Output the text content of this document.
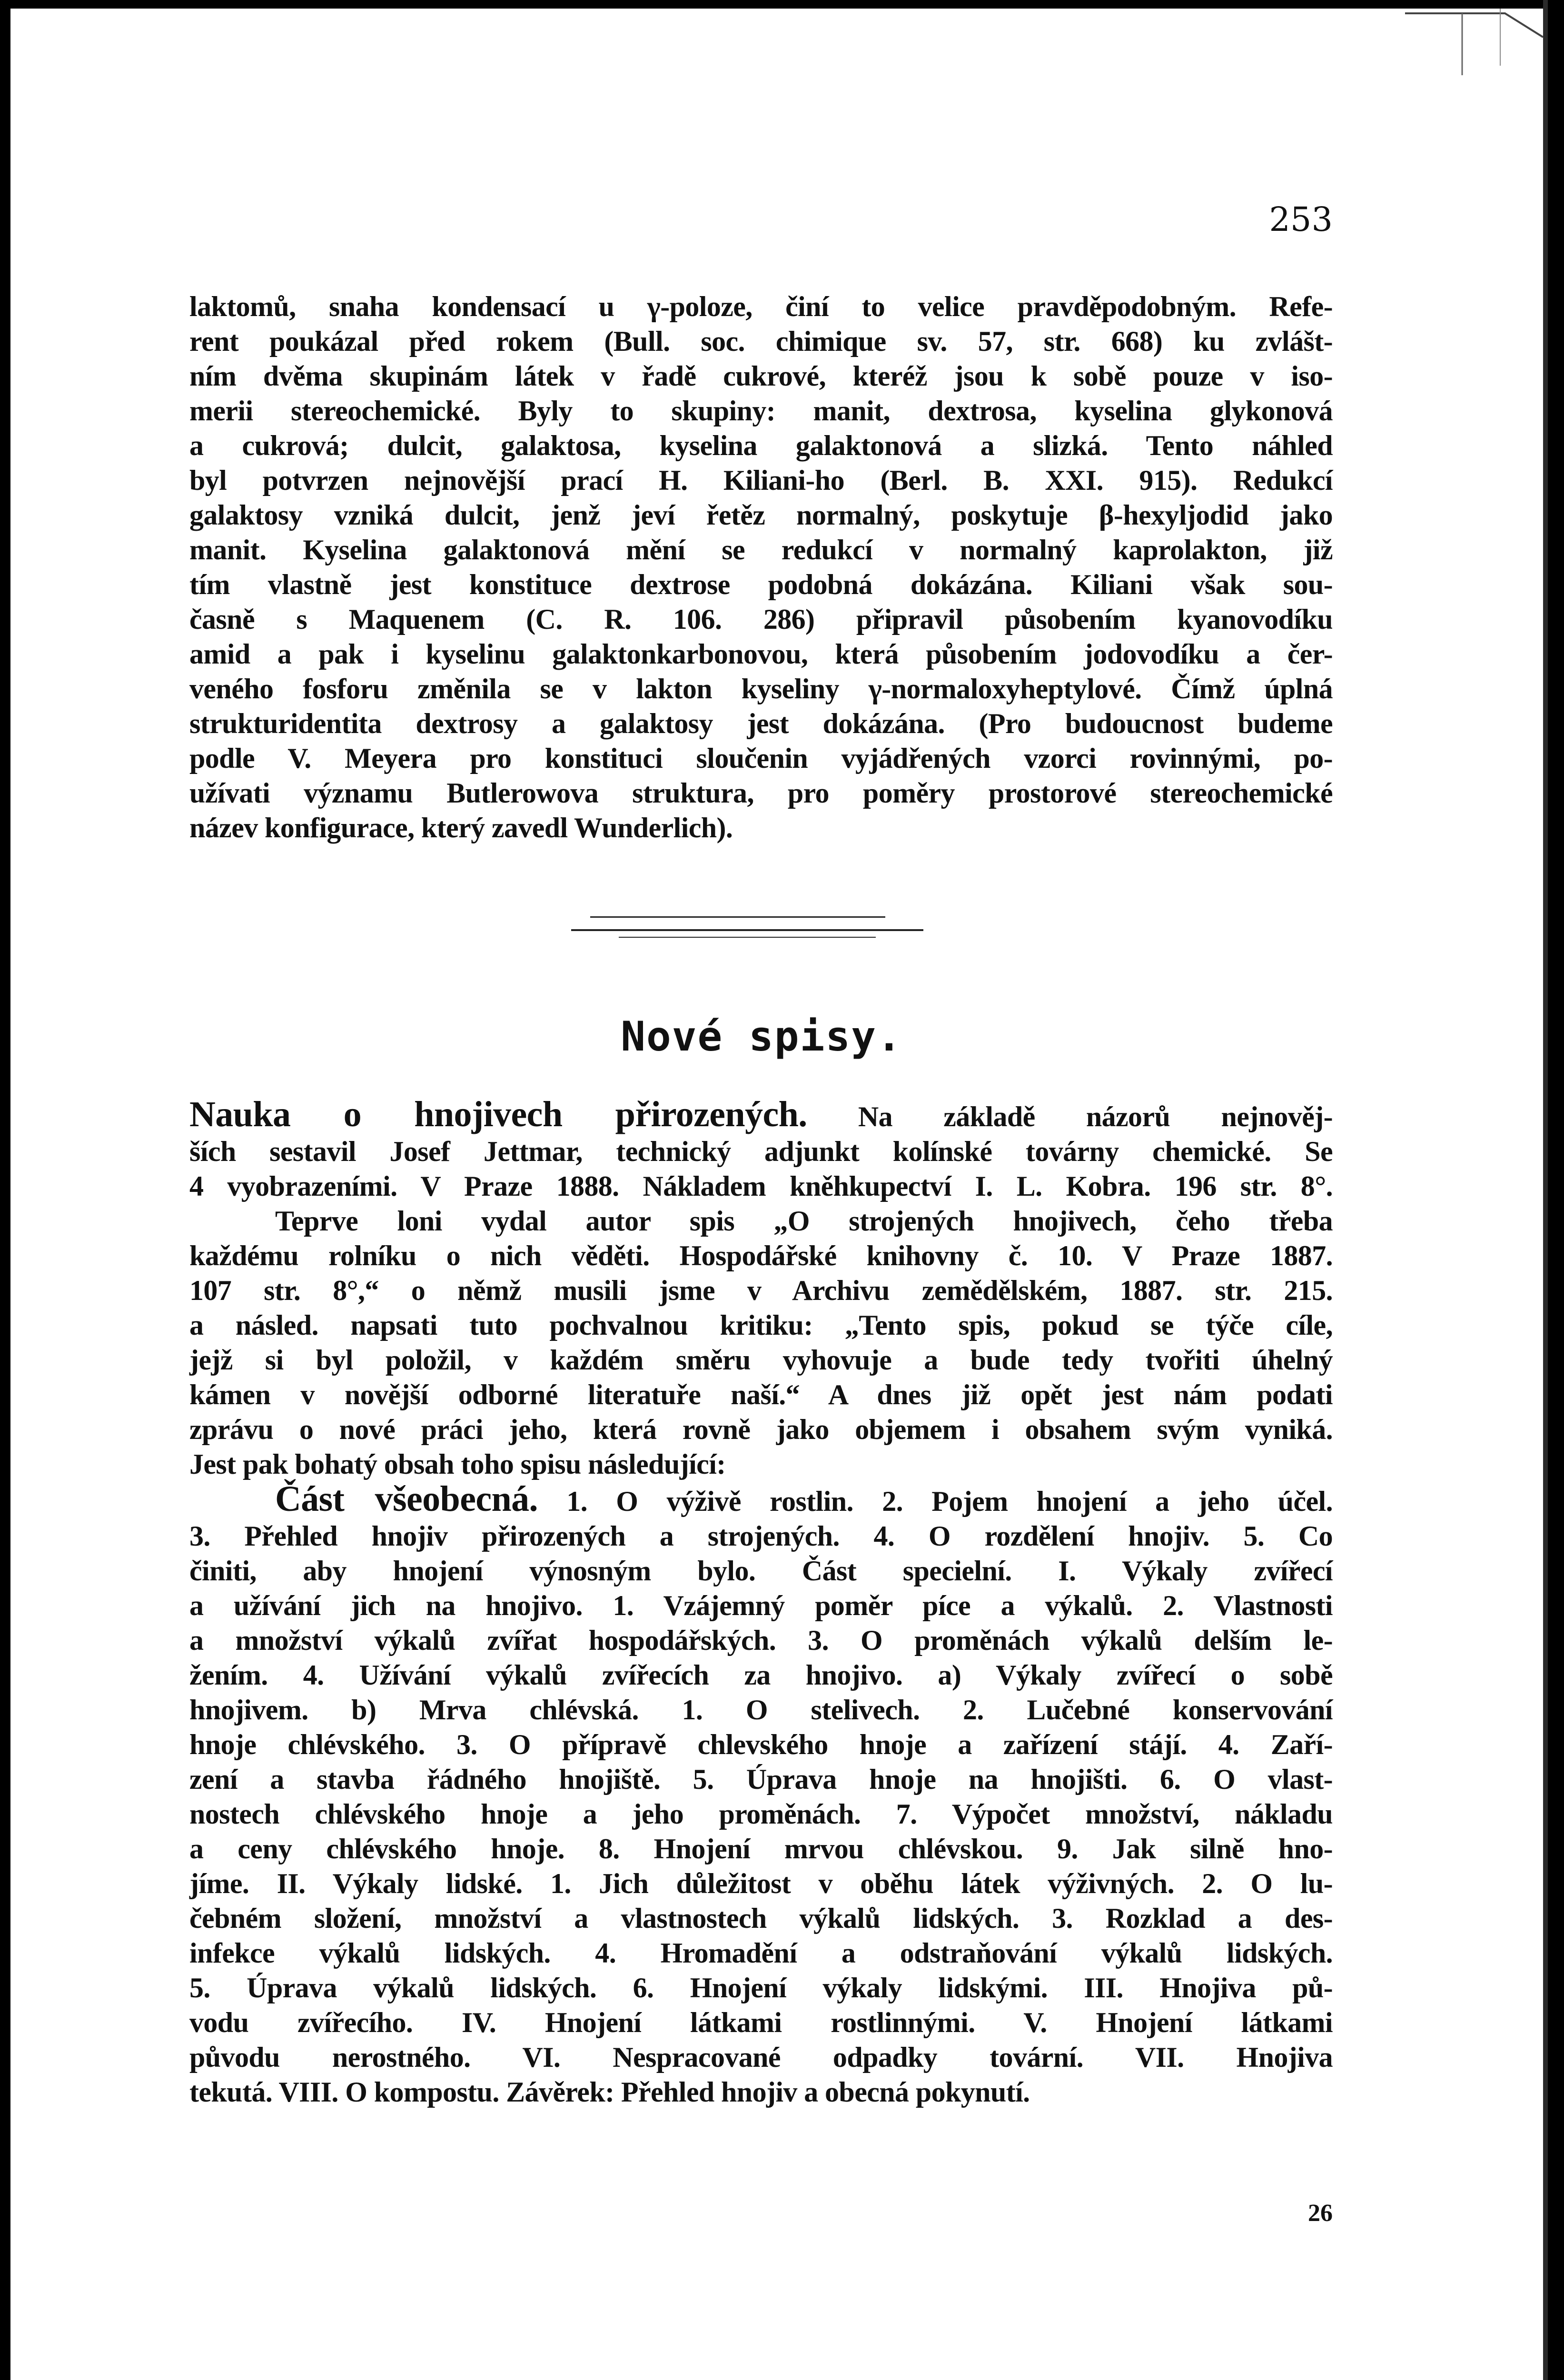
253
laktomů, snaha kondensací u γ-poloze, činí to velice pravděpodobným. Refe-
rent poukázal před rokem (Bull. soc. chimique sv. 57, str. 668) ku zvlášt-
ním dvěma skupinám látek v řadě cukrové, kteréž jsou k sobě pouze v iso-
merii stereochemické. Byly to skupiny: manit, dextrosa, kyselina glykonová
a cukrová; dulcit, galaktosa, kyselina galaktonová a slizká. Tento náhled
byl potvrzen nejnovější prací H. Kiliani-ho (Berl. B. XXI. 915). Redukcí
galaktosy vzniká dulcit, jenž jeví řetěz normalný, poskytuje β-hexyljodid jako
manit. Kyselina galaktonová mění se redukcí v normalný kaprolakton, již
tím vlastně jest konstituce dextrose podobná dokázána. Kiliani však sou-
časně s Maquenem (C. R. 106. 286) připravil působením kyanovodíku
amid a pak i kyselinu galaktonkarbonovou, která působením jodovodíku a čer-
veného fosforu změnila se v lakton kyseliny γ-normaloxyheptylové. Čímž úplná
strukturidentita dextrosy a galaktosy jest dokázána. (Pro budoucnost budeme
podle V. Meyera pro konstituci sloučenin vyjádřených vzorci rovinnými, po-
užívati významu Butlerowova struktura, pro poměry prostorové stereochemické
název konfigurace, který zavedl Wunderlich).
Nové spisy.
Nauka o hnojivech přirozených. Na základě názorů nejnověj-
ších sestavil Josef Jettmar, technický adjunkt kolínské továrny chemické. Se
4 vyobrazeními. V Praze 1888. Nákladem kněhkupectví I. L. Kobra. 196 str. 8°.
Teprve loni vydal autor spis „O strojených hnojivech, čeho třeba
každému rolníku o nich věděti. Hospodářské knihovny č. 10. V Praze 1887.
107 str. 8°,“ o němž musili jsme v Archivu zemědělském, 1887. str. 215.
a násled. napsati tuto pochvalnou kritiku: „Tento spis, pokud se týče cíle,
jejž si byl položil, v každém směru vyhovuje a bude tedy tvořiti úhelný
kámen v novější odborné literatuře naší.“ A dnes již opět jest nám podati
zprávu o nové práci jeho, která rovně jako objemem i obsahem svým vyniká.
Jest pak bohatý obsah toho spisu následující:
Část všeobecná. 1. O výživě rostlin. 2. Pojem hnojení a jeho účel.
3. Přehled hnojiv přirozených a strojených. 4. O rozdělení hnojiv. 5. Co
činiti, aby hnojení výnosným bylo. Část specielní. I. Výkaly zvířecí
a užívání jich na hnojivo. 1. Vzájemný poměr píce a výkalů. 2. Vlastnosti
a množství výkalů zvířat hospodářských. 3. O proměnách výkalů delším le-
žením. 4. Užívání výkalů zvířecích za hnojivo. a) Výkaly zvířecí o sobě
hnojivem. b) Mrva chlévská. 1. O stelivech. 2. Lučebné konservování
hnoje chlévského. 3. O přípravě chlevského hnoje a zařízení stájí. 4. Zaří-
zení a stavba řádného hnojiště. 5. Úprava hnoje na hnojišti. 6. O vlast-
nostech chlévského hnoje a jeho proměnách. 7. Výpočet množství, nákladu
a ceny chlévského hnoje. 8. Hnojení mrvou chlévskou. 9. Jak silně hno-
jíme. II. Výkaly lidské. 1. Jich důležitost v oběhu látek výživných. 2. O lu-
čebném složení, množství a vlastnostech výkalů lidských. 3. Rozklad a des-
infekce výkalů lidských. 4. Hromadění a odstraňování výkalů lidských.
5. Úprava výkalů lidských. 6. Hnojení výkaly lidskými. III. Hnojiva pů-
vodu zvířecího. IV. Hnojení látkami rostlinnými. V. Hnojení látkami
původu nerostného. VI. Nespracované odpadky tovární. VII. Hnojiva
tekutá. VIII. O kompostu. Závěrek: Přehled hnojiv a obecná pokynutí.
26
